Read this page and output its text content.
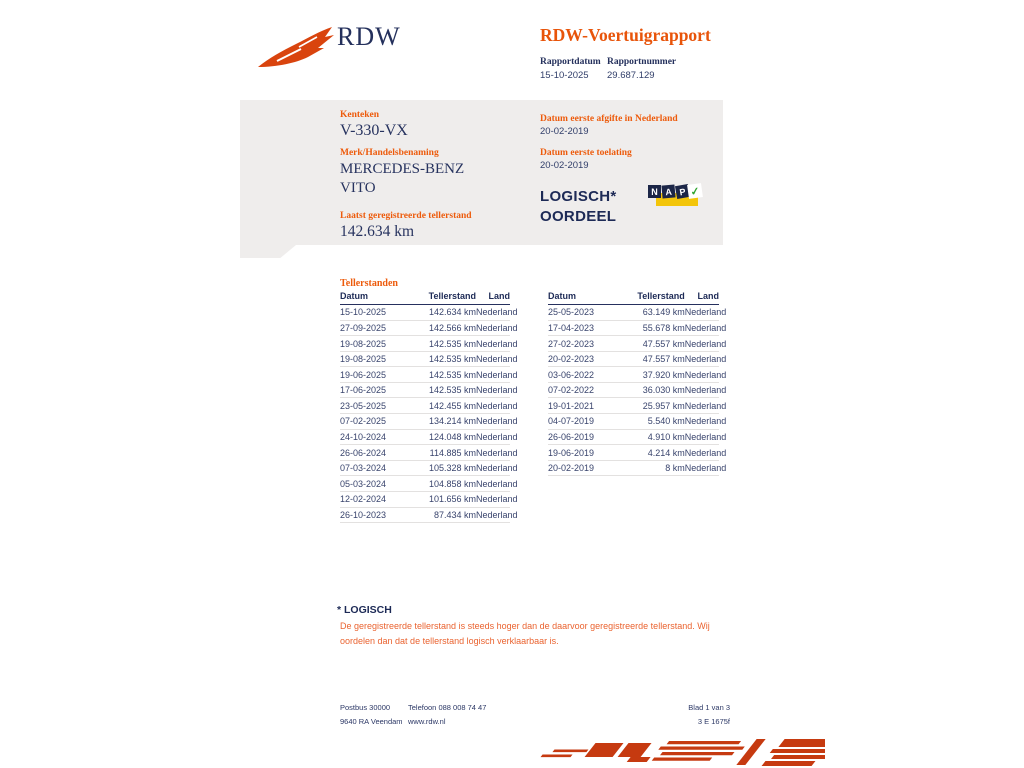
RDW	RDW-Voertuigrapport
Rapportdatum Rapportnummer
15-10-2025 29.687.129
Kenteken
V-330-VX
Merk/Handelsbenaming
MERCEDES-BENZ
VITO
Laatst geregistreerde tellerstand
142.634 km
Datum eerste afgifte in Nederland
20-02-2019
Datum eerste toelating
20-02-2019
LOGISCH*
OORDEEL
N A P ✓
Tellerstanden
Datum	Tellerstand	Land
15-10-2025	142.634 km	Nederland
27-09-2025	142.566 km	Nederland
19-08-2025	142.535 km	Nederland
19-08-2025	142.535 km	Nederland
19-06-2025	142.535 km	Nederland
17-06-2025	142.535 km	Nederland
23-05-2025	142.455 km	Nederland
07-02-2025	134.214 km	Nederland
24-10-2024	124.048 km	Nederland
26-06-2024	114.885 km	Nederland
07-03-2024	105.328 km	Nederland
05-03-2024	104.858 km	Nederland
12-02-2024	101.656 km	Nederland
26-10-2023	87.434 km	Nederland
Datum	Tellerstand	Land
25-05-2023	63.149 km	Nederland
17-04-2023	55.678 km	Nederland
27-02-2023	47.557 km	Nederland
20-02-2023	47.557 km	Nederland
03-06-2022	37.920 km	Nederland
07-02-2022	36.030 km	Nederland
19-01-2021	25.957 km	Nederland
04-07-2019	5.540 km	Nederland
26-06-2019	4.910 km	Nederland
19-06-2019	4.214 km	Nederland
20-02-2019	8 km	Nederland
* LOGISCH
De geregistreerde tellerstand is steeds hoger dan de daarvoor geregistreerde tellerstand. Wij oordelen dan dat de tellerstand logisch verklaarbaar is.
Postbus 30000
9640 RA Veendam
Telefoon 088 008 74 47
www.rdw.nl
Blad 1 van 3
3 E 1675f
